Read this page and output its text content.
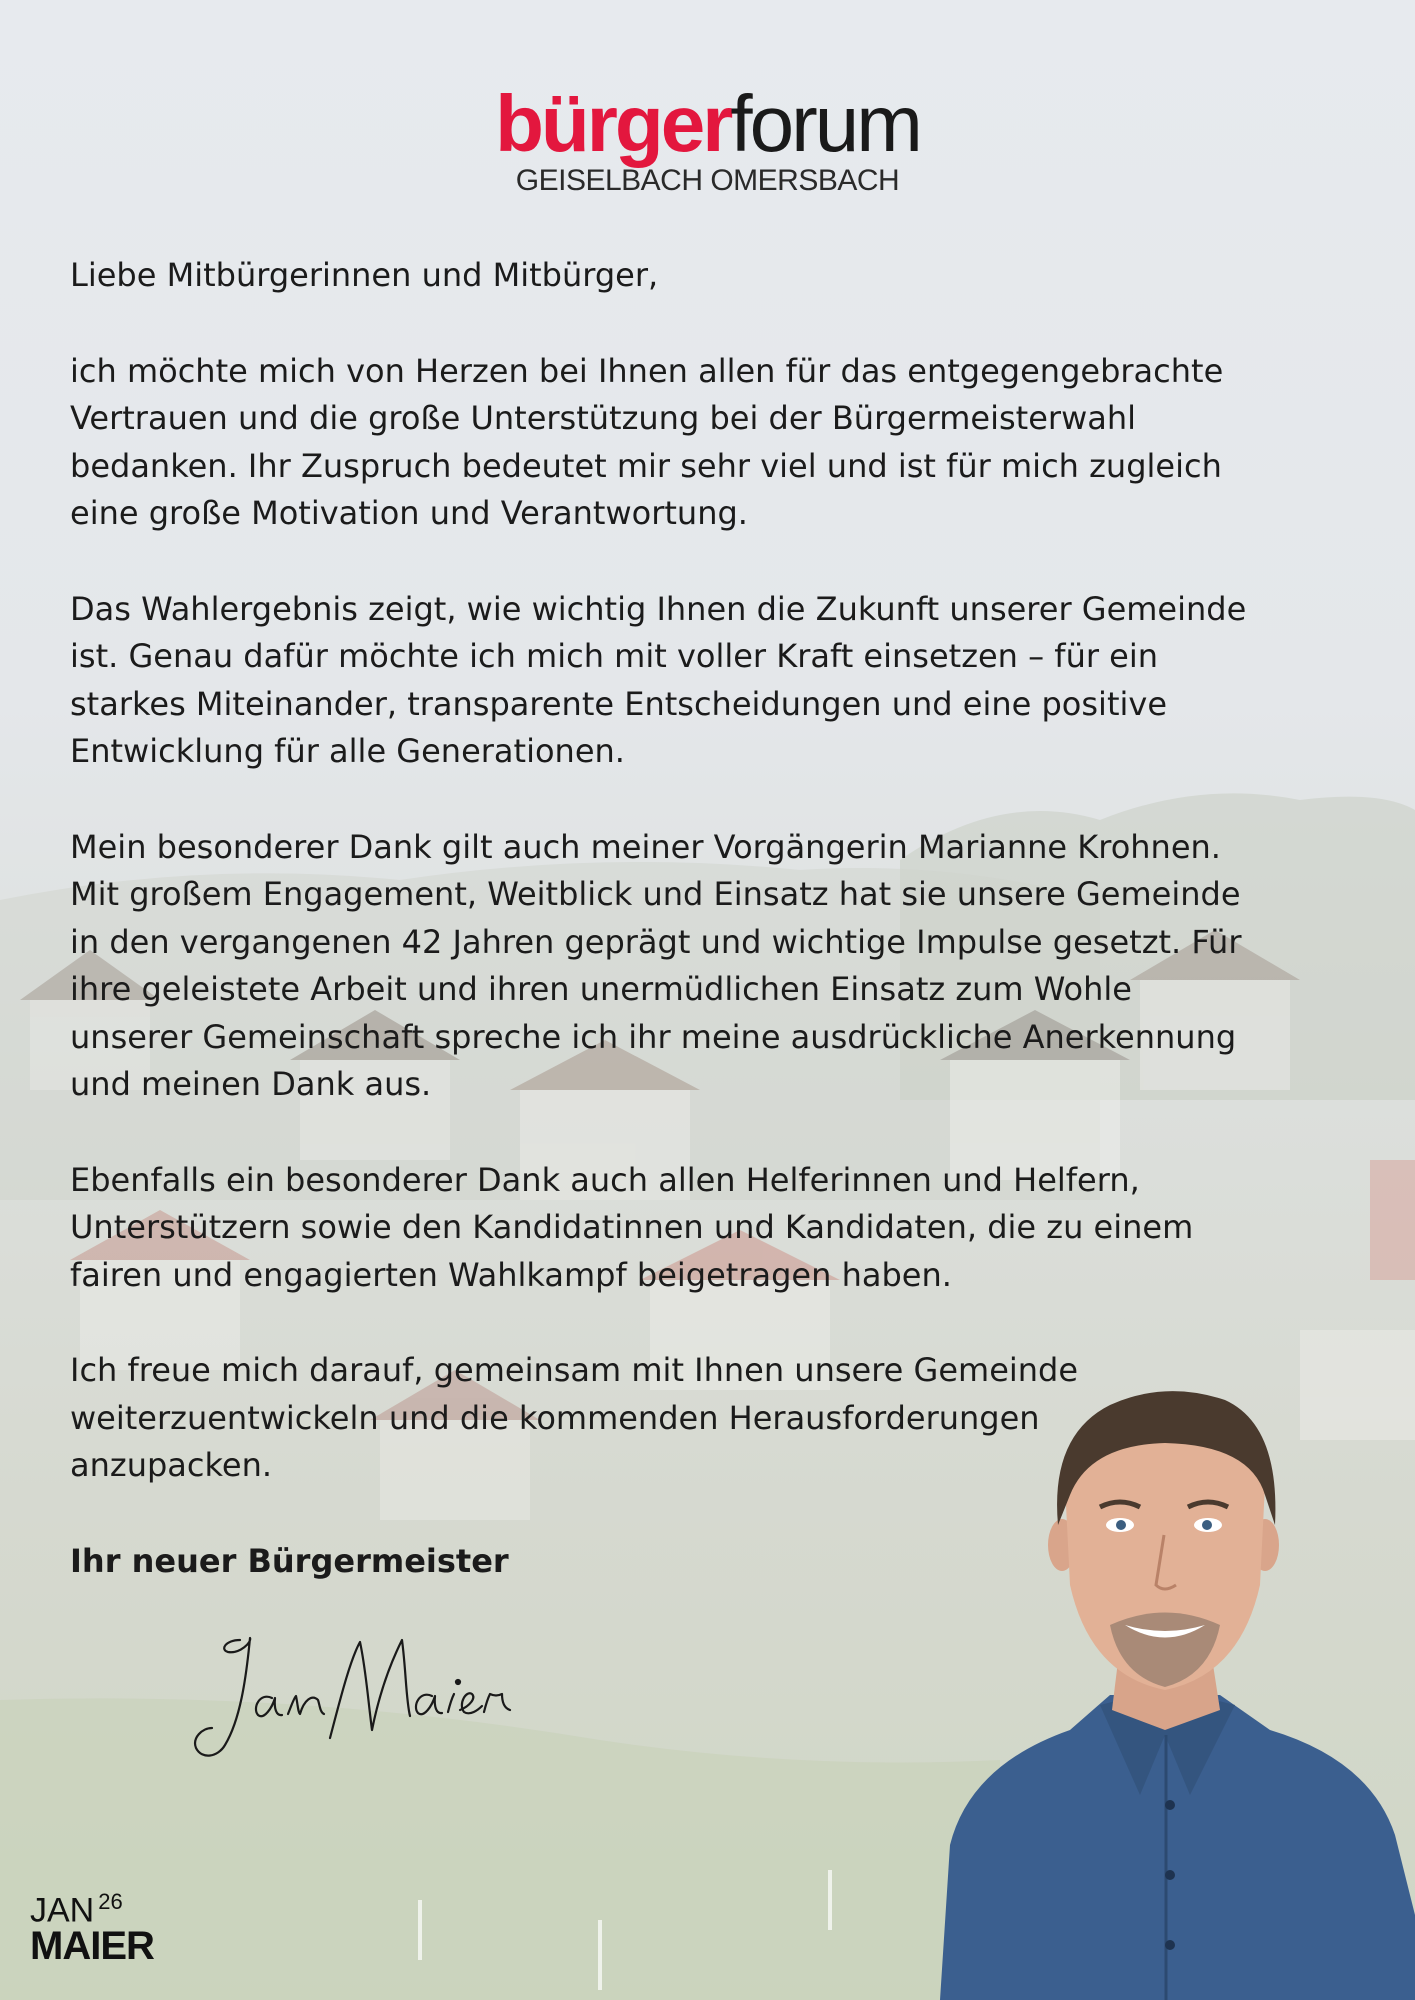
bürgerforum
GEISELBACH OMERSBACH

Liebe Mitbürgerinnen und Mitbürger,

ich möchte mich von Herzen bei Ihnen allen für das entgegengebrachte Vertrauen und die große Unterstützung bei der Bürgermeisterwahl bedanken. Ihr Zuspruch bedeutet mir sehr viel und ist für mich zugleich eine große Motivation und Verantwortung.

Das Wahlergebnis zeigt, wie wichtig Ihnen die Zukunft unserer Gemeinde ist. Genau dafür möchte ich mich mit voller Kraft einsetzen – für ein starkes Miteinander, transparente Entscheidungen und eine positive Entwicklung für alle Generationen.

Mein besonderer Dank gilt auch meiner Vorgängerin Marianne Krohnen. Mit großem Engagement, Weitblick und Einsatz hat sie unsere Gemeinde in den vergangenen 42 Jahren geprägt und wichtige Impulse gesetzt. Für ihre geleistete Arbeit und ihren unermüdlichen Einsatz zum Wohle unserer Gemeinschaft spreche ich ihr meine ausdrückliche Anerkennung und meinen Dank aus.

Ebenfalls ein besonderer Dank auch allen Helferinnen und Helfern, Unterstützern sowie den Kandidatinnen und Kandidaten, die zu einem fairen und engagierten Wahlkampf beigetragen haben.

Ich freue mich darauf, gemeinsam mit Ihnen unsere Gemeinde weiterzuentwickeln und die kommenden Herausforderungen anzupacken.

Ihr neuer Bürgermeister

JAN $^{26}$
MAIER
